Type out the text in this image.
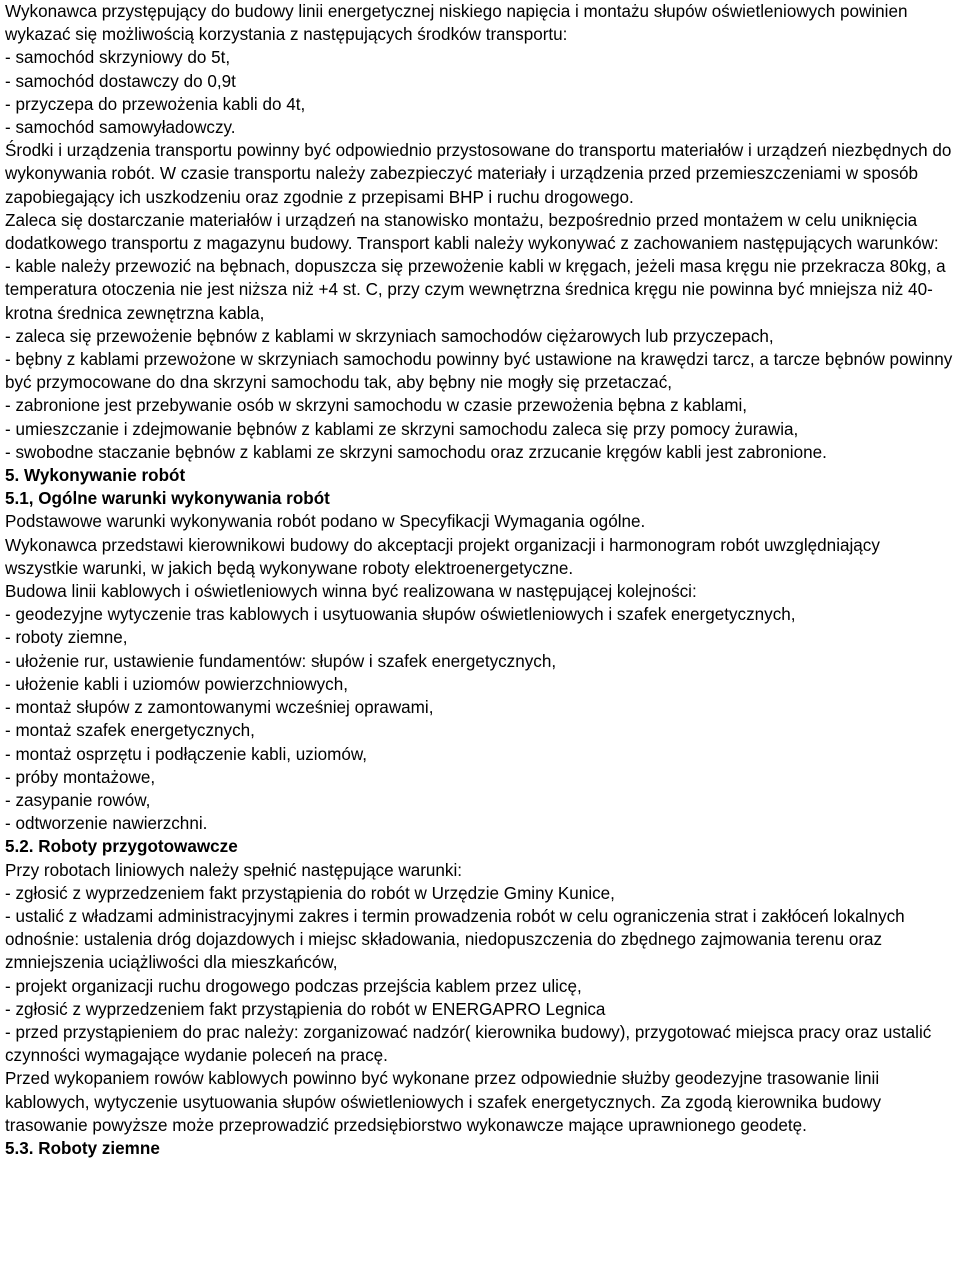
Wykonawca przystępujący do budowy linii energetycznej niskiego napięcia i montażu słupów oświetleniowych powinien wykazać się możliwością korzystania z następujących środków transportu:
- samochód skrzyniowy do 5t,
- samochód dostawczy do 0,9t
- przyczepa do przewożenia kabli do 4t,
- samochód samowyładowczy.
Środki i urządzenia transportu powinny być odpowiednio przystosowane do transportu materiałów i urządzeń niezbędnych do wykonywania robót. W czasie transportu należy zabezpieczyć materiały i urządzenia przed przemieszczeniami w sposób zapobiegający ich uszkodzeniu oraz zgodnie z przepisami BHP i ruchu drogowego.
Zaleca się dostarczanie materiałów i urządzeń na stanowisko montażu, bezpośrednio przed montażem w celu uniknięcia dodatkowego transportu z magazynu budowy. Transport kabli należy wykonywać z zachowaniem następujących warunków:
- kable należy przewozić na bębnach, dopuszcza się przewożenie kabli w kręgach, jeżeli masa kręgu nie przekracza 80kg, a temperatura otoczenia nie jest niższa niż +4 st. C, przy czym wewnętrzna średnica kręgu nie powinna być mniejsza niż 40-krotna średnica zewnętrzna kabla,
- zaleca się przewożenie bębnów z kablami w skrzyniach samochodów ciężarowych lub przyczepach,
- bębny z kablami przewożone w skrzyniach samochodu powinny być ustawione na krawędzi tarcz, a tarcze bębnów powinny być przymocowane do dna skrzyni samochodu tak, aby bębny nie mogły się przetaczać,
- zabronione jest przebywanie osób w skrzyni samochodu w czasie przewożenia bębna z kablami,
- umieszczanie i zdejmowanie bębnów z kablami ze skrzyni samochodu zaleca się przy pomocy żurawia,
- swobodne staczanie bębnów z kablami ze skrzyni samochodu oraz zrzucanie kręgów kabli jest zabronione.
5. Wykonywanie robót
5.1, Ogólne warunki wykonywania robót
Podstawowe warunki wykonywania robót podano w Specyfikacji Wymagania ogólne.
Wykonawca przedstawi kierownikowi budowy do akceptacji projekt organizacji i harmonogram robót uwzględniający wszystkie warunki, w jakich będą wykonywane roboty elektroenergetyczne.
Budowa linii kablowych i oświetleniowych winna być realizowana w następującej kolejności:
- geodezyjne wytyczenie tras kablowych i usytuowania słupów oświetleniowych i szafek energetycznych,
- roboty ziemne,
- ułożenie rur, ustawienie fundamentów: słupów i szafek energetycznych,
- ułożenie kabli i uziomów powierzchniowych,
- montaż słupów z zamontowanymi wcześniej oprawami,
- montaż szafek energetycznych,
- montaż osprzętu i podłączenie kabli, uziomów,
- próby montażowe,
- zasypanie rowów,
- odtworzenie nawierzchni.
5.2. Roboty przygotowawcze
Przy robotach liniowych należy spełnić następujące warunki:
- zgłosić z wyprzedzeniem fakt przystąpienia do robót w Urzędzie Gminy Kunice,
- ustalić z władzami administracyjnymi zakres i termin prowadzenia robót w celu ograniczenia strat i zakłóceń lokalnych odnośnie: ustalenia dróg dojazdowych i miejsc składowania, niedopuszczenia do zbędnego zajmowania terenu oraz zmniejszenia uciążliwości dla mieszkańców,
- projekt organizacji ruchu drogowego podczas przejścia kablem przez ulicę,
- zgłosić z wyprzedzeniem fakt przystąpienia do robót w ENERGAPRO Legnica
- przed przystąpieniem do prac należy: zorganizować nadzór( kierownika budowy), przygotować miejsca pracy oraz ustalić czynności wymagające wydanie poleceń na pracę.
Przed wykopaniem rowów kablowych powinno być wykonane przez odpowiednie służby geodezyjne trasowanie linii kablowych, wytyczenie usytuowania słupów oświetleniowych i szafek energetycznych. Za zgodą kierownika budowy trasowanie powyższe może przeprowadzić przedsiębiorstwo wykonawcze mające uprawnionego geodetę.
5.3. Roboty ziemne
